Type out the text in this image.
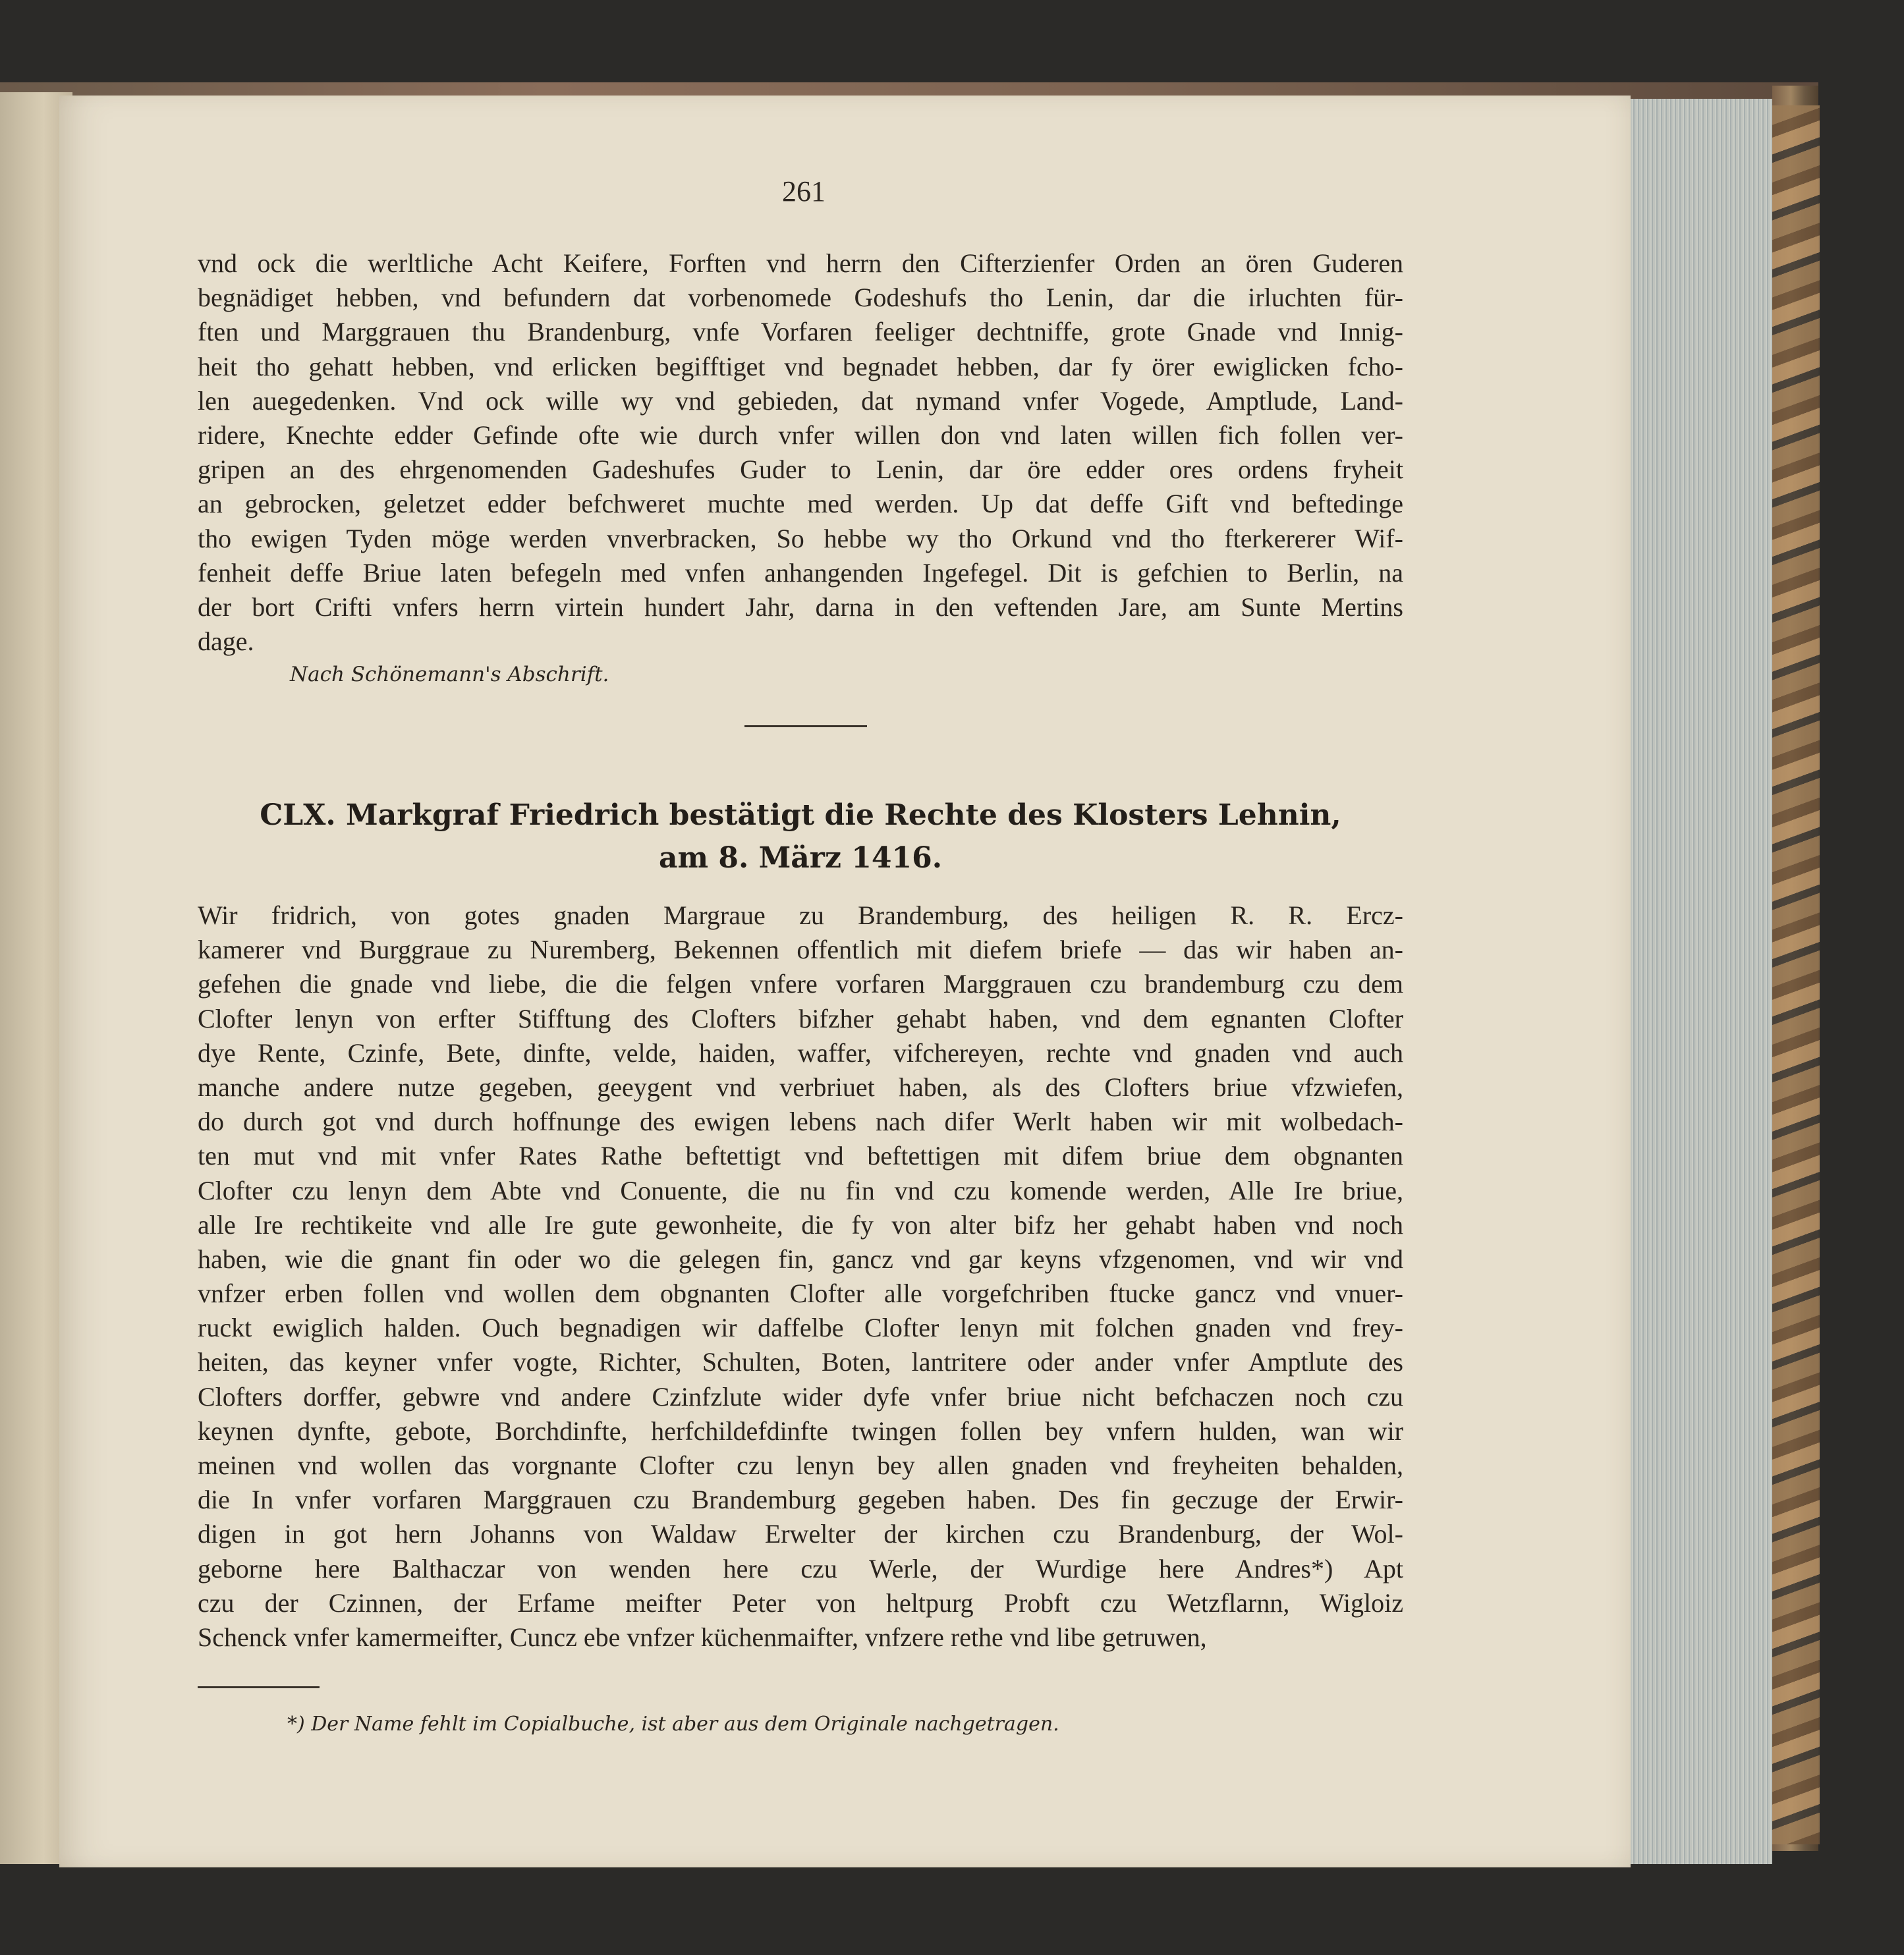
261
vnd ock die werltliche Acht Keifere, Forften vnd herrn den Cifterzienfer Orden an ören Guderen
begnädiget hebben, vnd befundern dat vorbenomede Godeshufs tho Lenin, dar die irluchten für-
ften und Marggrauen thu Brandenburg, vnfe Vorfaren feeliger dechtniffe, grote Gnade vnd Innig-
heit tho gehatt hebben, vnd erlicken begifftiget vnd begnadet hebben, dar fy örer ewiglicken fcho-
len auegedenken. Vnd ock wille wy vnd gebieden, dat nymand vnfer Vogede, Amptlude, Land-
ridere, Knechte edder Gefinde ofte wie durch vnfer willen don vnd laten willen fich follen ver-
gripen an des ehrgenomenden Gadeshufes Guder to Lenin, dar öre edder ores ordens fryheit
an gebrocken, geletzet edder befchweret muchte med werden. Up dat deffe Gift vnd beftedinge
tho ewigen Tyden möge werden vnverbracken, So hebbe wy tho Orkund vnd tho fterkererer Wif-
fenheit deffe Briue laten befegeln med vnfen anhangenden Ingefegel. Dit is gefchien to Berlin, na
der bort Crifti vnfers herrn virtein hundert Jahr, darna in den veftenden Jare, am Sunte Mertins
dage.
Nach Schönemann's Abschrift.
CLX. Markgraf Friedrich bestätigt die Rechte des Klosters Lehnin,
am 8. März 1416.
Wir fridrich, von gotes gnaden Margraue zu Brandemburg, des heiligen R. R. Ercz-
kamerer vnd Burggraue zu Nuremberg, Bekennen offentlich mit diefem briefe — das wir haben an-
gefehen die gnade vnd liebe, die die felgen vnfere vorfaren Marggrauen czu brandemburg czu dem
Clofter lenyn von erfter Stifftung des Clofters bifzher gehabt haben, vnd dem egnanten Clofter
dye Rente, Czinfe, Bete, dinfte, velde, haiden, waffer, vifchereyen, rechte vnd gnaden vnd auch
manche andere nutze gegeben, geeygent vnd verbriuet haben, als des Clofters briue vfzwiefen,
do durch got vnd durch hoffnunge des ewigen lebens nach difer Werlt haben wir mit wolbedach-
ten mut vnd mit vnfer Rates Rathe beftettigt vnd beftettigen mit difem briue dem obgnanten
Clofter czu lenyn dem Abte vnd Conuente, die nu fin vnd czu komende werden, Alle Ire briue,
alle Ire rechtikeite vnd alle Ire gute gewonheite, die fy von alter bifz her gehabt haben vnd noch
haben, wie die gnant fin oder wo die gelegen fin, gancz vnd gar keyns vfzgenomen, vnd wir vnd
vnfzer erben follen vnd wollen dem obgnanten Clofter alle vorgefchriben ftucke gancz vnd vnuer-
ruckt ewiglich halden. Ouch begnadigen wir daffelbe Clofter lenyn mit folchen gnaden vnd frey-
heiten, das keyner vnfer vogte, Richter, Schulten, Boten, lantritere oder ander vnfer Amptlute des
Clofters dorffer, gebwre vnd andere Czinfzlute wider dyfe vnfer briue nicht befchaczen noch czu
keynen dynfte, gebote, Borchdinfte, herfchildefdinfte twingen follen bey vnfern hulden, wan wir
meinen vnd wollen das vorgnante Clofter czu lenyn bey allen gnaden vnd freyheiten behalden,
die In vnfer vorfaren Marggrauen czu Brandemburg gegeben haben. Des fin geczuge der Erwir-
digen in got hern Johanns von Waldaw Erwelter der kirchen czu Brandenburg, der Wol-
geborne here Balthaczar von wenden here czu Werle, der Wurdige here Andres*) Apt
czu der Czinnen, der Erfame meifter Peter von heltpurg Probft czu Wetzflarnn, Wigloiz
Schenck vnfer kamermeifter, Cuncz ebe vnfzer küchenmaifter, vnfzere rethe vnd libe getruwen,
*) Der Name fehlt im Copialbuche, ist aber aus dem Originale nachgetragen.
